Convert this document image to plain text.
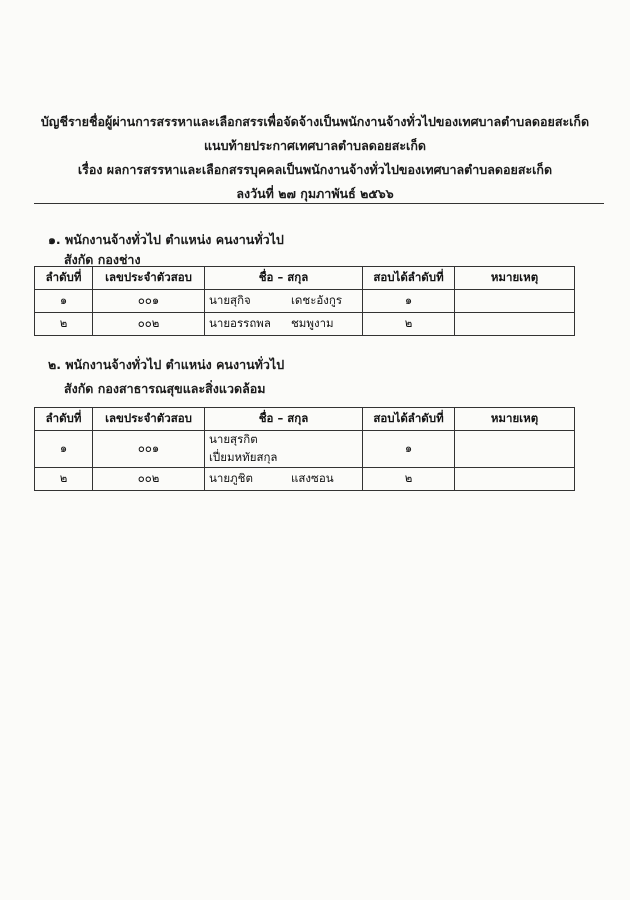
บัญชีรายชื่อผู้ผ่านการสรรหาและเลือกสรรเพื่อจัดจ้างเป็นพนักงานจ้างทั่วไปของเทศบาลตำบลดอยสะเก็ด
แนบท้ายประกาศเทศบาลตำบลดอยสะเก็ด
เรื่อง ผลการสรรหาและเลือกสรรบุคคลเป็นพนักงานจ้างทั่วไปของเทศบาลตำบลดอยสะเก็ด
ลงวันที่ ๒๗ กุมภาพันธ์ ๒๕๖๖
๑. พนักงานจ้างทั่วไป ตำแหน่ง คนงานทั่วไป
สังกัด กองช่าง
ลำดับที่	เลขประจำตัวสอบ	ชื่อ – สกุล	สอบได้ลำดับที่	หมายเหตุ
๑	๐๐๑	นายสุกิจ เดชะอังกูร	๑	
๒	๐๐๒	นายอรรถพล ชมพูงาม	๒	
๒. พนักงานจ้างทั่วไป ตำแหน่ง คนงานทั่วไป
สังกัด กองสาธารณสุขและสิ่งแวดล้อม
ลำดับที่	เลขประจำตัวสอบ	ชื่อ – สกุล	สอบได้ลำดับที่	หมายเหตุ
๑	๐๐๑	นายสุรกิตเปี่ยมหทัยสกุล	๑	
๒	๐๐๒	นายภูชิต แสงซอน	๒	
